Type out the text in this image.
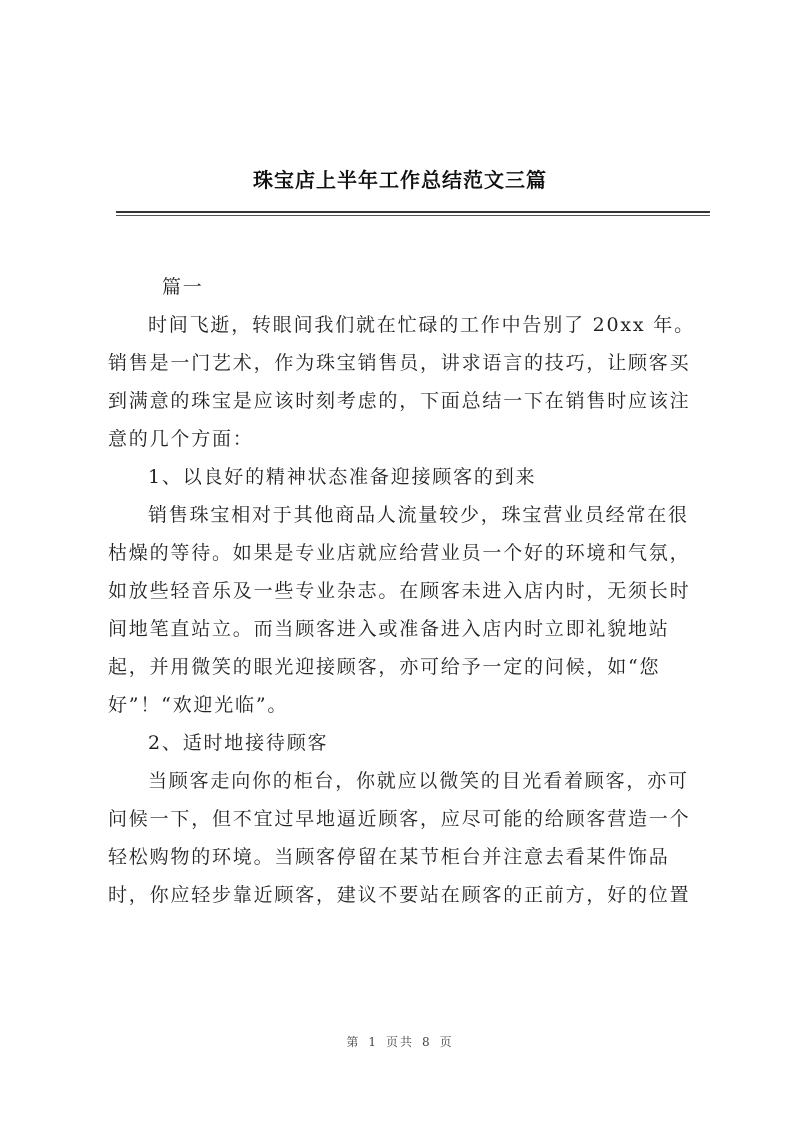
珠宝店上半年工作总结范文三篇
篇一
时间飞逝，转眼间我们就在忙碌的工作中告别了 20xx 年。
销售是一门艺术，作为珠宝销售员，讲求语言的技巧，让顾客买
到满意的珠宝是应该时刻考虑的，下面总结一下在销售时应该注
意的几个方面：
1、以良好的精神状态准备迎接顾客的到来
销售珠宝相对于其他商品人流量较少，珠宝营业员经常在很
枯燥的等待。如果是专业店就应给营业员一个好的环境和气氛，
如放些轻音乐及一些专业杂志。在顾客未进入店内时，无须长时
间地笔直站立。而当顾客进入或准备进入店内时立即礼貌地站
起，并用微笑的眼光迎接顾客，亦可给予一定的问候，如“您
好”！“欢迎光临”。
2、适时地接待顾客
当顾客走向你的柜台，你就应以微笑的目光看着顾客，亦可
问候一下，但不宜过早地逼近顾客，应尽可能的给顾客营造一个
轻松购物的环境。当顾客停留在某节柜台并注意去看某件饰品
时，你应轻步靠近顾客，建议不要站在顾客的正前方，好的位置
第 1 页共 8 页
